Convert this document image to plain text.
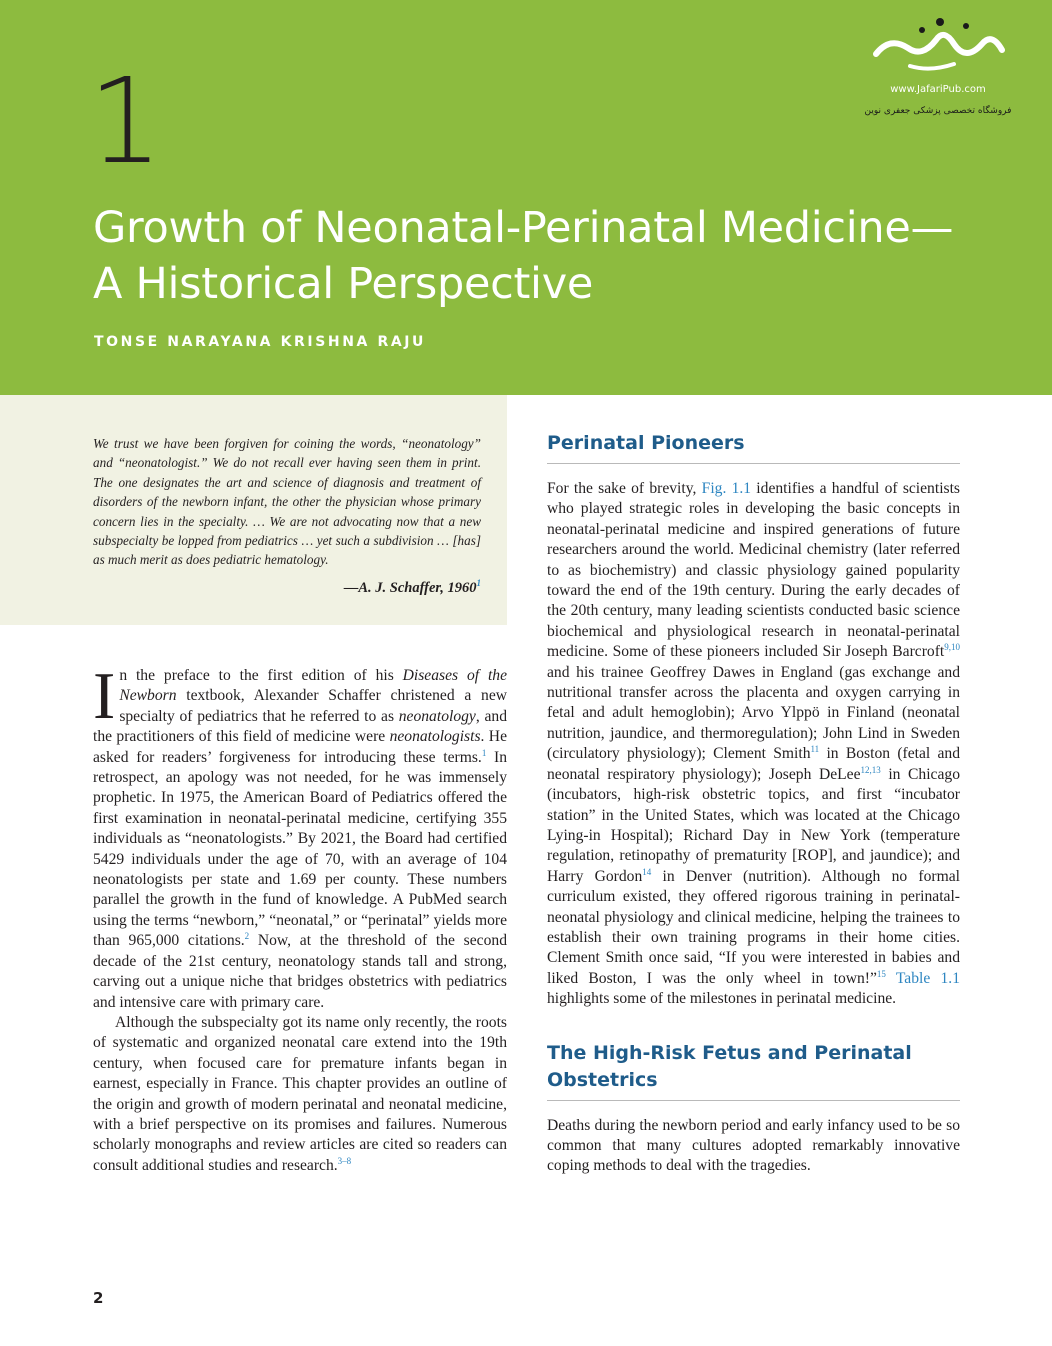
1
Growth of Neonatal-Perinatal Medicine—A Historical Perspective
TONSE NARAYANA KRISHNA RAJU
www.JafariPub.com
فروشگاه تخصصی پزشکی جعفری نوین

We trust we have been forgiven for coining the words, “neonatology” and “neonatologist.” We do not recall ever having seen them in print. The one designates the art and science of diagnosis and treatment of disorders of the newborn infant, the other the physician whose primary concern lies in the specialty. … We are not advocating now that a new subspecialty be lopped from pediatrics … yet such a subdivision … [has] as much merit as does pediatric hematology.

—A. J. Schaffer, 1960$^1$

In the preface to the first edition of his Diseases of the Newborn textbook, Alexander Schaffer christened a new specialty of pediatrics that he referred to as neonatology, and the practitioners of this field of medicine were neonatologists. He asked for readers’ forgiveness for introducing these terms.$^1$ In retrospect, an apology was not needed, for he was immensely prophetic. In 1975, the American Board of Pediatrics offered the first examination in neonatal-perinatal medicine, certifying 355 individuals as “neonatologists.” By 2021, the Board had certified 5429 individuals under the age of 70, with an average of 104 neonatologists per state and 1.69 per county. These numbers parallel the growth in the fund of knowledge. A PubMed search using the terms “newborn,” “neonatal,” or “perinatal” yields more than 965,000 citations.$^2$ Now, at the threshold of the second decade of the 21st century, neonatology stands tall and strong, carving out a unique niche that bridges obstetrics with pediatrics and intensive care with primary care.

Although the subspecialty got its name only recently, the roots of systematic and organized neonatal care extend into the 19th century, when focused care for premature infants began in earnest, especially in France. This chapter provides an outline of the origin and growth of modern perinatal and neonatal medicine, with a brief perspective on its promises and failures. Numerous scholarly monographs and review articles are cited so readers can consult additional studies and research.$^{3-8}$

Perinatal Pioneers

For the sake of brevity, Fig. 1.1 identifies a handful of scientists who played strategic roles in developing the basic concepts in neonatal-perinatal medicine and inspired generations of future researchers around the world. Medicinal chemistry (later referred to as biochemistry) and classic physiology gained popularity toward the end of the 19th century. During the early decades of the 20th century, many leading scientists conducted basic science biochemical and physiological research in neonatal-perinatal medicine. Some of these pioneers included Sir Joseph Barcroft$^{9,10}$ and his trainee Geoffrey Dawes in England (gas exchange and nutritional transfer across the placenta and oxygen carrying in fetal and adult hemoglobin); Arvo Ylppö in Finland (neonatal nutrition, jaundice, and thermoregulation); John Lind in Sweden (circulatory physiology); Clement Smith$^{11}$ in Boston (fetal and neonatal respiratory physiology); Joseph DeLee$^{12,13}$ in Chicago (incubators, high-risk obstetric topics, and first “incubator station” in the United States, which was located at the Chicago Lying-in Hospital); Richard Day in New York (temperature regulation, retinopathy of prematurity [ROP], and jaundice); and Harry Gordon$^{14}$ in Denver (nutrition). Although no formal curriculum existed, they offered rigorous training in perinatal-neonatal physiology and clinical medicine, helping the trainees to establish their own training programs in their home cities. Clement Smith once said, “If you were interested in babies and liked Boston, I was the only wheel in town!”$^{15}$ Table 1.1 highlights some of the milestones in perinatal medicine.

The High-Risk Fetus and Perinatal Obstetrics

Deaths during the newborn period and early infancy used to be so common that many cultures adopted remarkably innovative coping methods to deal with the tragedies.

2
